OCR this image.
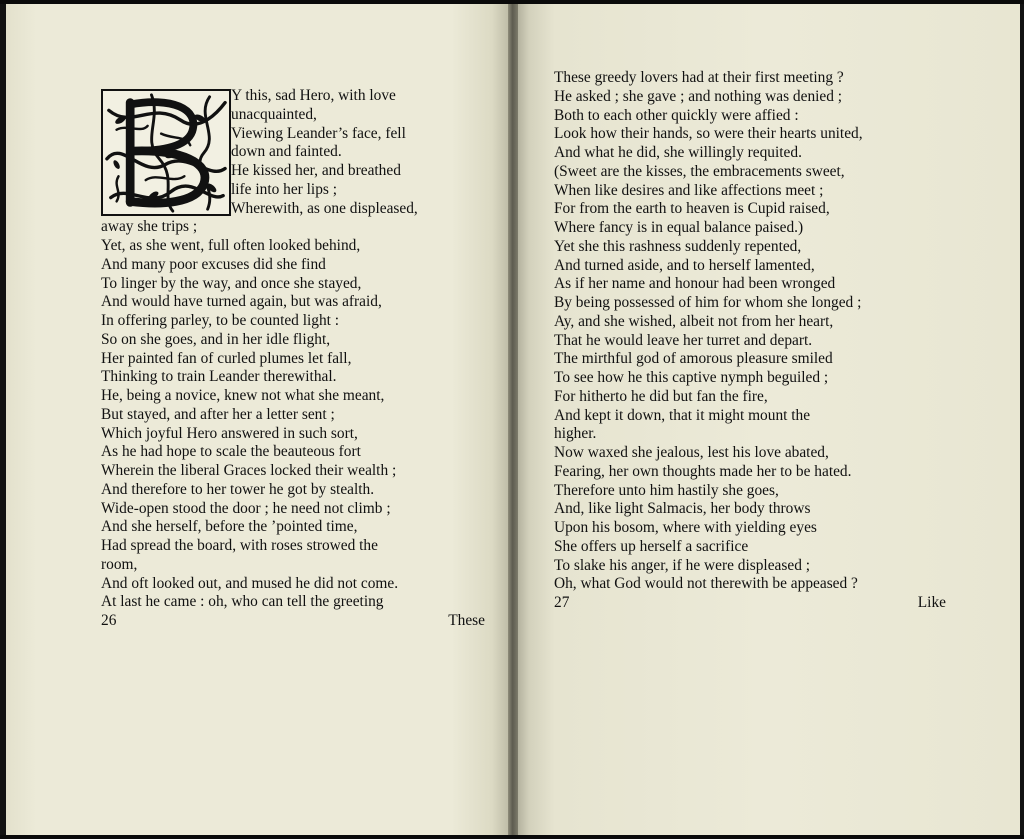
Y this, sad Hero, with love
unacquainted,
Viewing Leander’s face, fell
down and fainted.
He kissed her, and breathed
life into her lips ;
Wherewith, as one displeased,
away she trips ;
Yet, as she went, full often looked behind,
And many poor excuses did she find
To linger by the way, and once she stayed,
And would have turned again, but was afraid,
In offering parley, to be counted light :
So on she goes, and in her idle flight,
Her painted fan of curled plumes let fall,
Thinking to train Leander therewithal.
He, being a novice, knew not what she meant,
But stayed, and after her a letter sent ;
Which joyful Hero answered in such sort,
As he had hope to scale the beauteous fort
Wherein the liberal Graces locked their wealth ;
And therefore to her tower he got by stealth.
Wide-open stood the door ; he need not climb ;
And she herself, before the ’pointed time,
Had spread the board, with roses strowed the
room,
And oft looked out, and mused he did not come.
At last he came : oh, who can tell the greeting
26	These
These greedy lovers had at their first meeting ?
He asked ; she gave ; and nothing was denied ;
Both to each other quickly were affied :
Look how their hands, so were their hearts united,
And what he did, she willingly requited.
(Sweet are the kisses, the embracements sweet,
When like desires and like affections meet ;
For from the earth to heaven is Cupid raised,
Where fancy is in equal balance paised.)
Yet she this rashness suddenly repented,
And turned aside, and to herself lamented,
As if her name and honour had been wronged
By being possessed of him for whom she longed ;
Ay, and she wished, albeit not from her heart,
That he would leave her turret and depart.
The mirthful god of amorous pleasure smiled
To see how he this captive nymph beguiled ;
For hitherto he did but fan the fire,
And kept it down, that it might mount the
higher.
Now waxed she jealous, lest his love abated,
Fearing, her own thoughts made her to be hated.
Therefore unto him hastily she goes,
And, like light Salmacis, her body throws
Upon his bosom, where with yielding eyes
She offers up herself a sacrifice
To slake his anger, if he were displeased ;
Oh, what God would not therewith be appeased ?
27	Like
